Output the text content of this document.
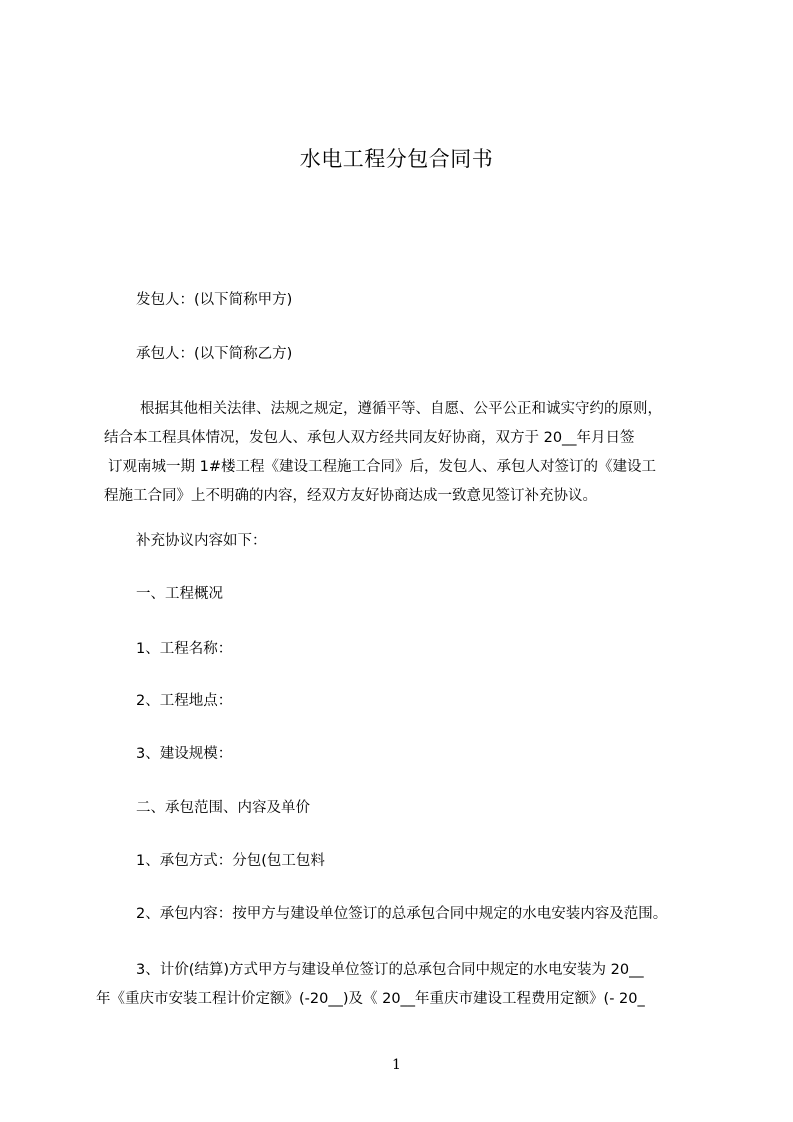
水电工程分包合同书
发包人：(以下简称甲方)
承包人：(以下简称乙方)
根据其他相关法律、法规之规定，遵循平等、自愿、公平公正和诚实守约的原则，
结合本工程具体情况，发包人、承包人双方经共同友好协商，双方于 20__年月日签
订观南城一期 1#楼工程《建设工程施工合同》后，发包人、承包人对签订的《建设工
程施工合同》上不明确的内容，经双方友好协商达成一致意见签订补充协议。
补充协议内容如下：
一、工程概况
1、工程名称：
2、工程地点：
3、建设规模：
二、承包范围、内容及单价
1、承包方式：分包(包工包料
2、承包内容：按甲方与建设单位签订的总承包合同中规定的水电安装内容及范围。
3、计价(结算)方式甲方与建设单位签订的总承包合同中规定的水电安装为 20__
年《重庆市安装工程计价定额》(-20__)及《 20__年重庆市建设工程费用定额》(- 20_
1
